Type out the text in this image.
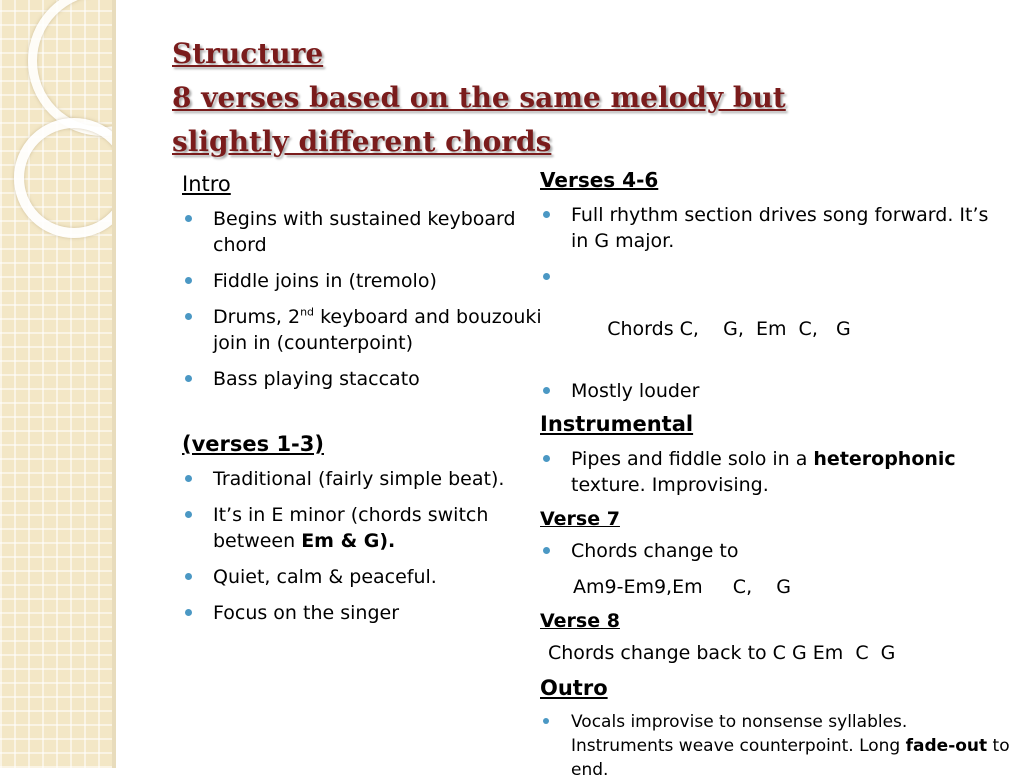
Structure
8 verses based on the same melody but
slightly different chords
Intro
Begins with sustained keyboard chord
Fiddle joins in (tremolo)
Drums, 2nd keyboard and bouzouki join in (counterpoint)
Bass playing staccato
(verses 1-3)
Traditional (fairly simple beat).
It’s in E minor (chords switch between Em & G).
Quiet, calm & peaceful.
Focus on the singer
Verses 4-6
Full rhythm section drives song forward. It’s in G major.

Chords C,    G,  Em  C,   G

Mostly louder
Instrumental
Pipes and fiddle solo in a heterophonic texture. Improvising.
Verse 7
Chords change to
Am9-Em9,Em     C,    G
Verse 8
Chords change back to C G Em  C  G
Outro
Vocals improvise to nonsense syllables. Instruments weave counterpoint. Long fade-out to end.
